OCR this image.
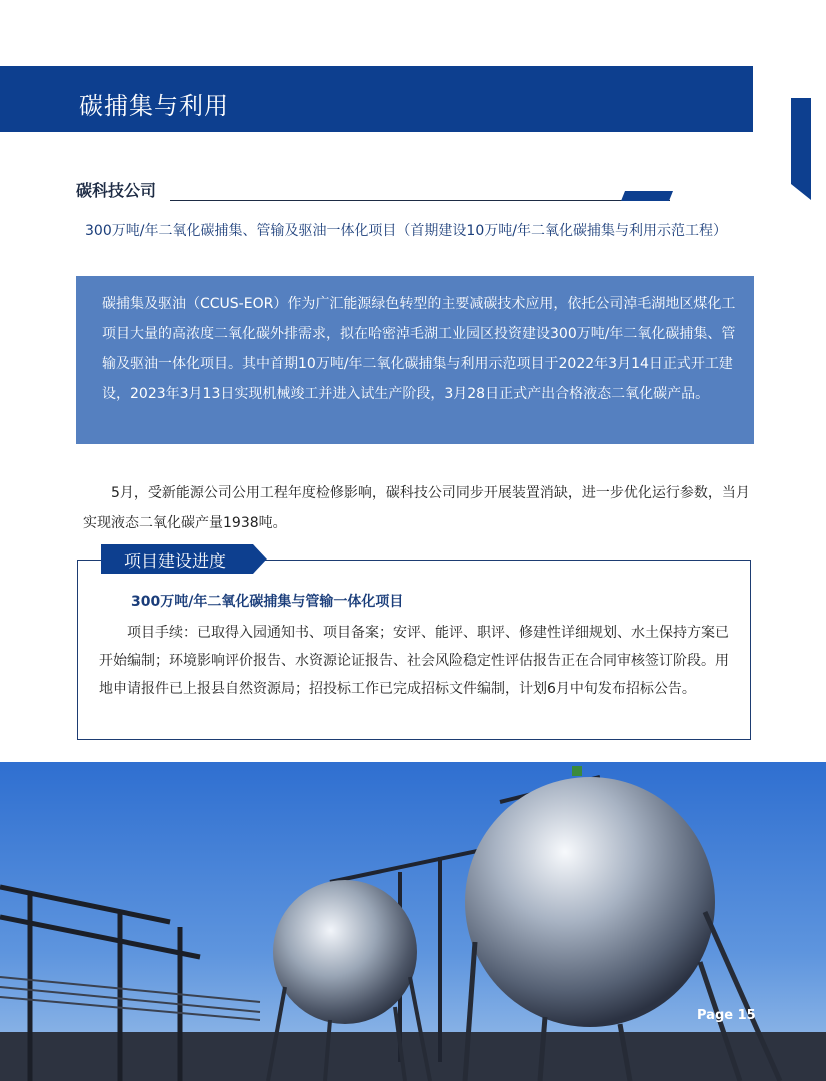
碳捕集与利用
碳科技公司
300万吨/年二氧化碳捕集、管输及驱油一体化项目（首期建设10万吨/年二氧化碳捕集与利用示范工程）
碳捕集及驱油（CCUS-EOR）作为广汇能源绿色转型的主要减碳技术应用，依托公司淖毛湖地区煤化工项目大量的高浓度二氧化碳外排需求，拟在哈密淖毛湖工业园区投资建设300万吨/年二氧化碳捕集、管输及驱油一体化项目。其中首期10万吨/年二氧化碳捕集与利用示范项目于2022年3月14日正式开工建设，2023年3月13日实现机械竣工并进入试生产阶段，3月28日正式产出合格液态二氧化碳产品。
5月，受新能源公司公用工程年度检修影响，碳科技公司同步开展装置消缺，进一步优化运行参数，当月实现液态二氧化碳产量1938吨。
项目建设进度
300万吨/年二氧化碳捕集与管输一体化项目
项目手续：已取得入园通知书、项目备案；安评、能评、职评、修建性详细规划、水土保持方案已开始编制；环境影响评价报告、水资源论证报告、社会风险稳定性评估报告正在合同审核签订阶段。用地申请报件已上报县自然资源局；招投标工作已完成招标文件编制，计划6月中旬发布招标公告。
Page 15
